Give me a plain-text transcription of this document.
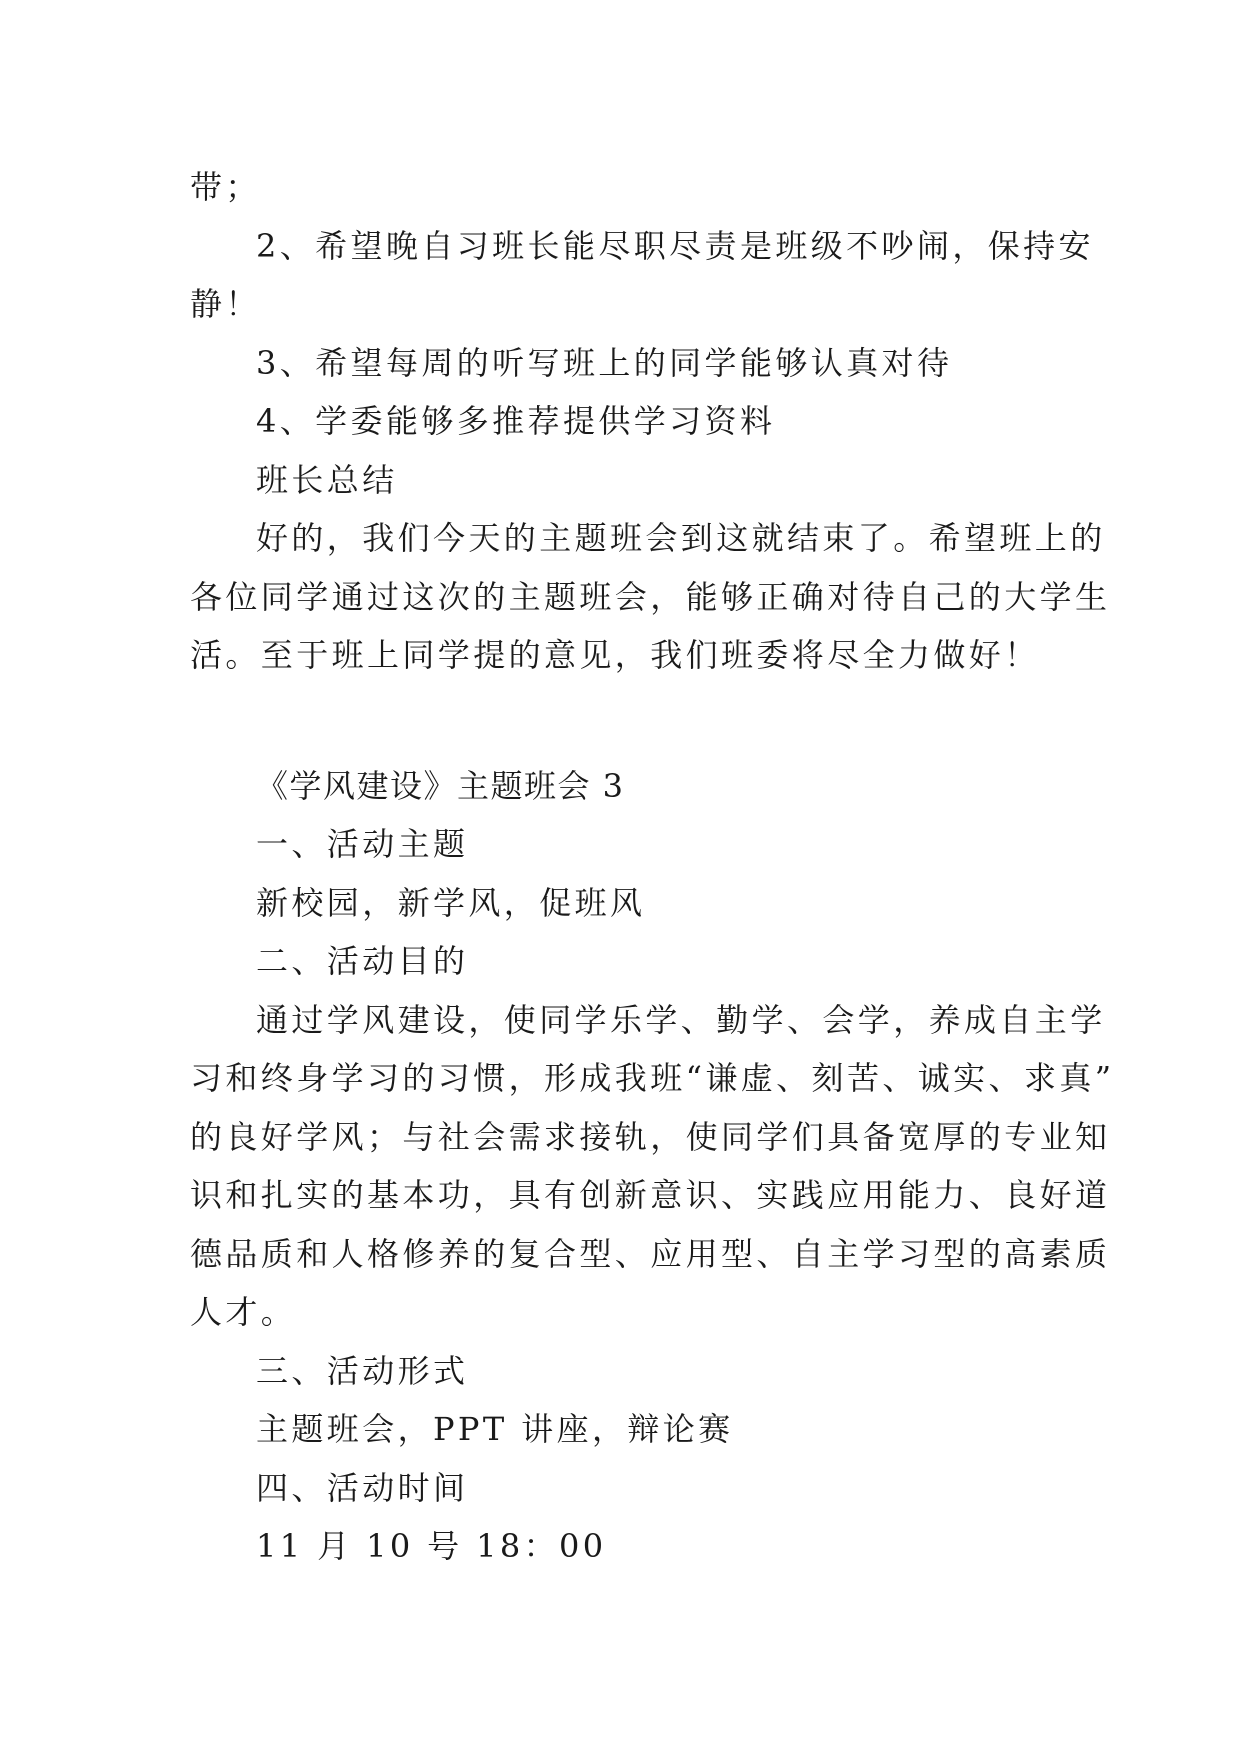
带；
2、希望晚自习班长能尽职尽责是班级不吵闹，保持安
静！
3、希望每周的听写班上的同学能够认真对待
4、学委能够多推荐提供学习资料
班长总结
好的，我们今天的主题班会到这就结束了。希望班上的
各位同学通过这次的主题班会，能够正确对待自己的大学生
活。至于班上同学提的意见，我们班委将尽全力做好！
《学风建设》主题班会 3
一、活动主题
新校园，新学风，促班风
二、活动目的
通过学风建设，使同学乐学、勤学、会学，养成自主学
习和终身学习的习惯，形成我班“谦虚、刻苦、诚实、求真”
的良好学风；与社会需求接轨，使同学们具备宽厚的专业知
识和扎实的基本功，具有创新意识、实践应用能力、良好道
德品质和人格修养的复合型、应用型、自主学习型的高素质
人才。
三、活动形式
主题班会，PPT 讲座，辩论赛
四、活动时间
11 月 10 号 18：00
